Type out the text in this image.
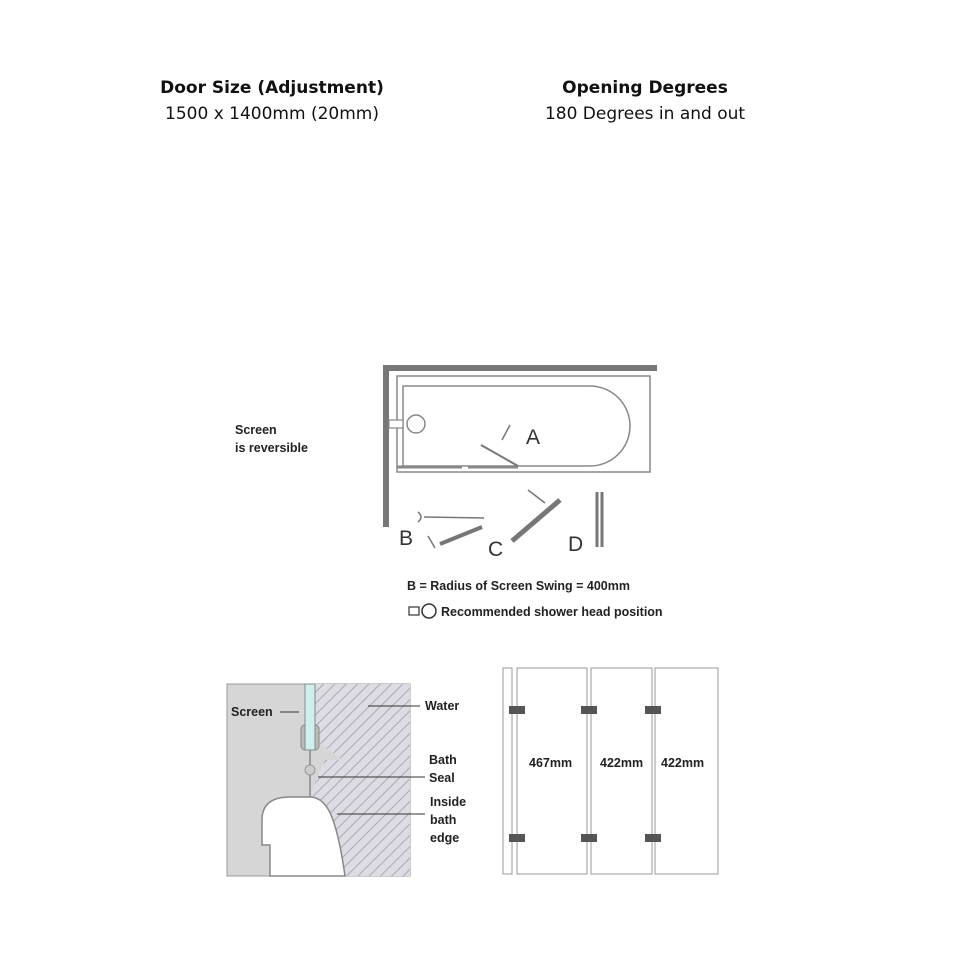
Door Size (Adjustment)
1500 x 1400mm (20mm)
Opening Degrees
180 Degrees in and out
A
B	C	D
Screen
is reversible
B = Radius of Screen Swing = 400mm
Recommended shower head position
Screen	Water
Bath
Seal
Inside
bath
edge
467mm 422mm 422mm
